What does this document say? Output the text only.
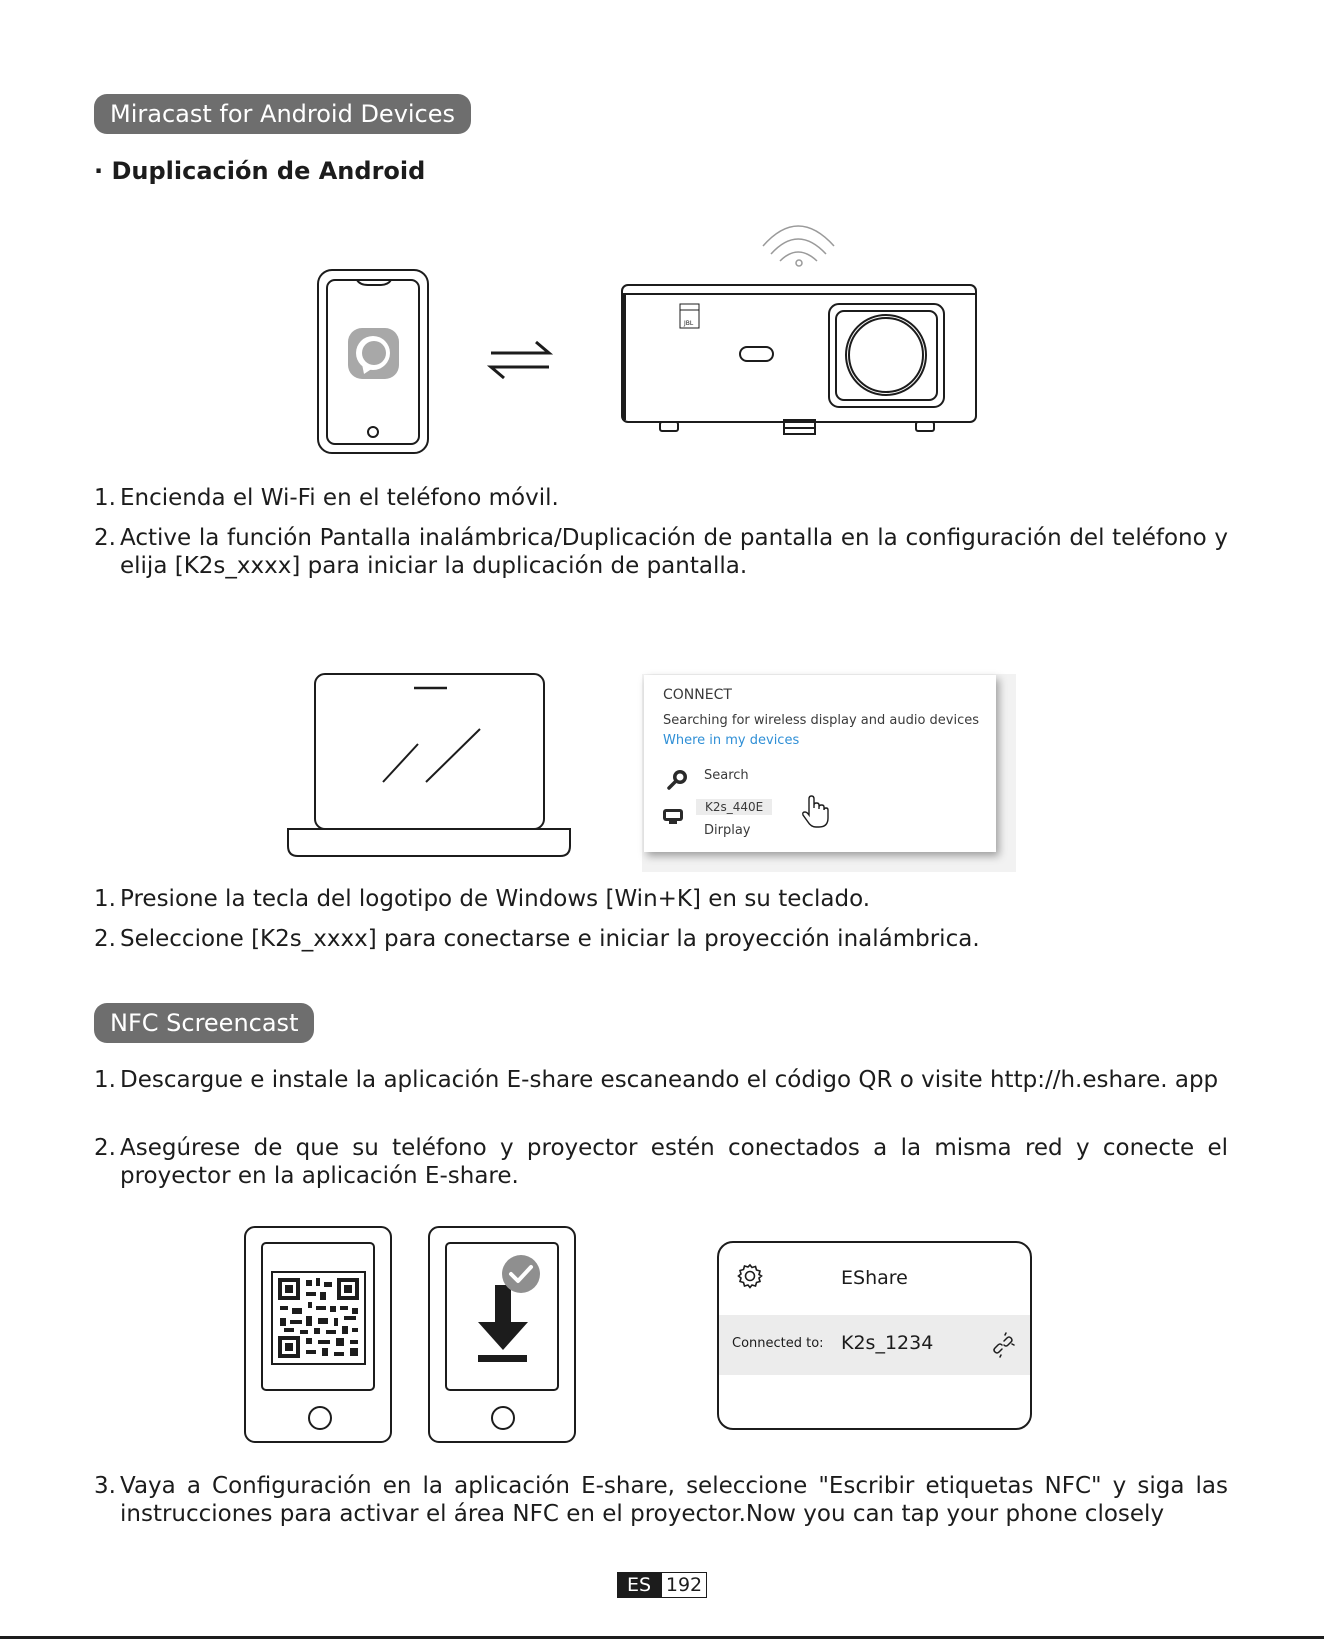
Miracast for Android Devices
· Duplicación de Android
JBL
1. Encienda el Wi-Fi en el teléfono móvil.
2. Active la función Pantalla inalámbrica/Duplicación de pantalla en la configuración del teléfono y elija [K2s_xxxx] para iniciar la duplicación de pantalla.
CONNECT
Searching for wireless display and audio devices
Where in my devices
Search
K2s_440E
Dirplay
1. Presione la tecla del logotipo de Windows [Win+K] en su teclado.
2. Seleccione [K2s_xxxx] para conectarse e iniciar la proyección inalámbrica.
NFC Screencast
1. Descargue e instale la aplicación E-share escaneando el código QR o visite http://h.eshare. app
2. Asegúrese de que su teléfono y proyector estén conectados a la misma red y conecte el proyector en la aplicación E-share.
EShare
Connected to: K2s_1234
3. Vaya a Configuración en la aplicación E-share, seleccione "Escribir etiquetas NFC" y siga las instrucciones para activar el área NFC en el proyector.Now you can tap your phone closely
ES 192
